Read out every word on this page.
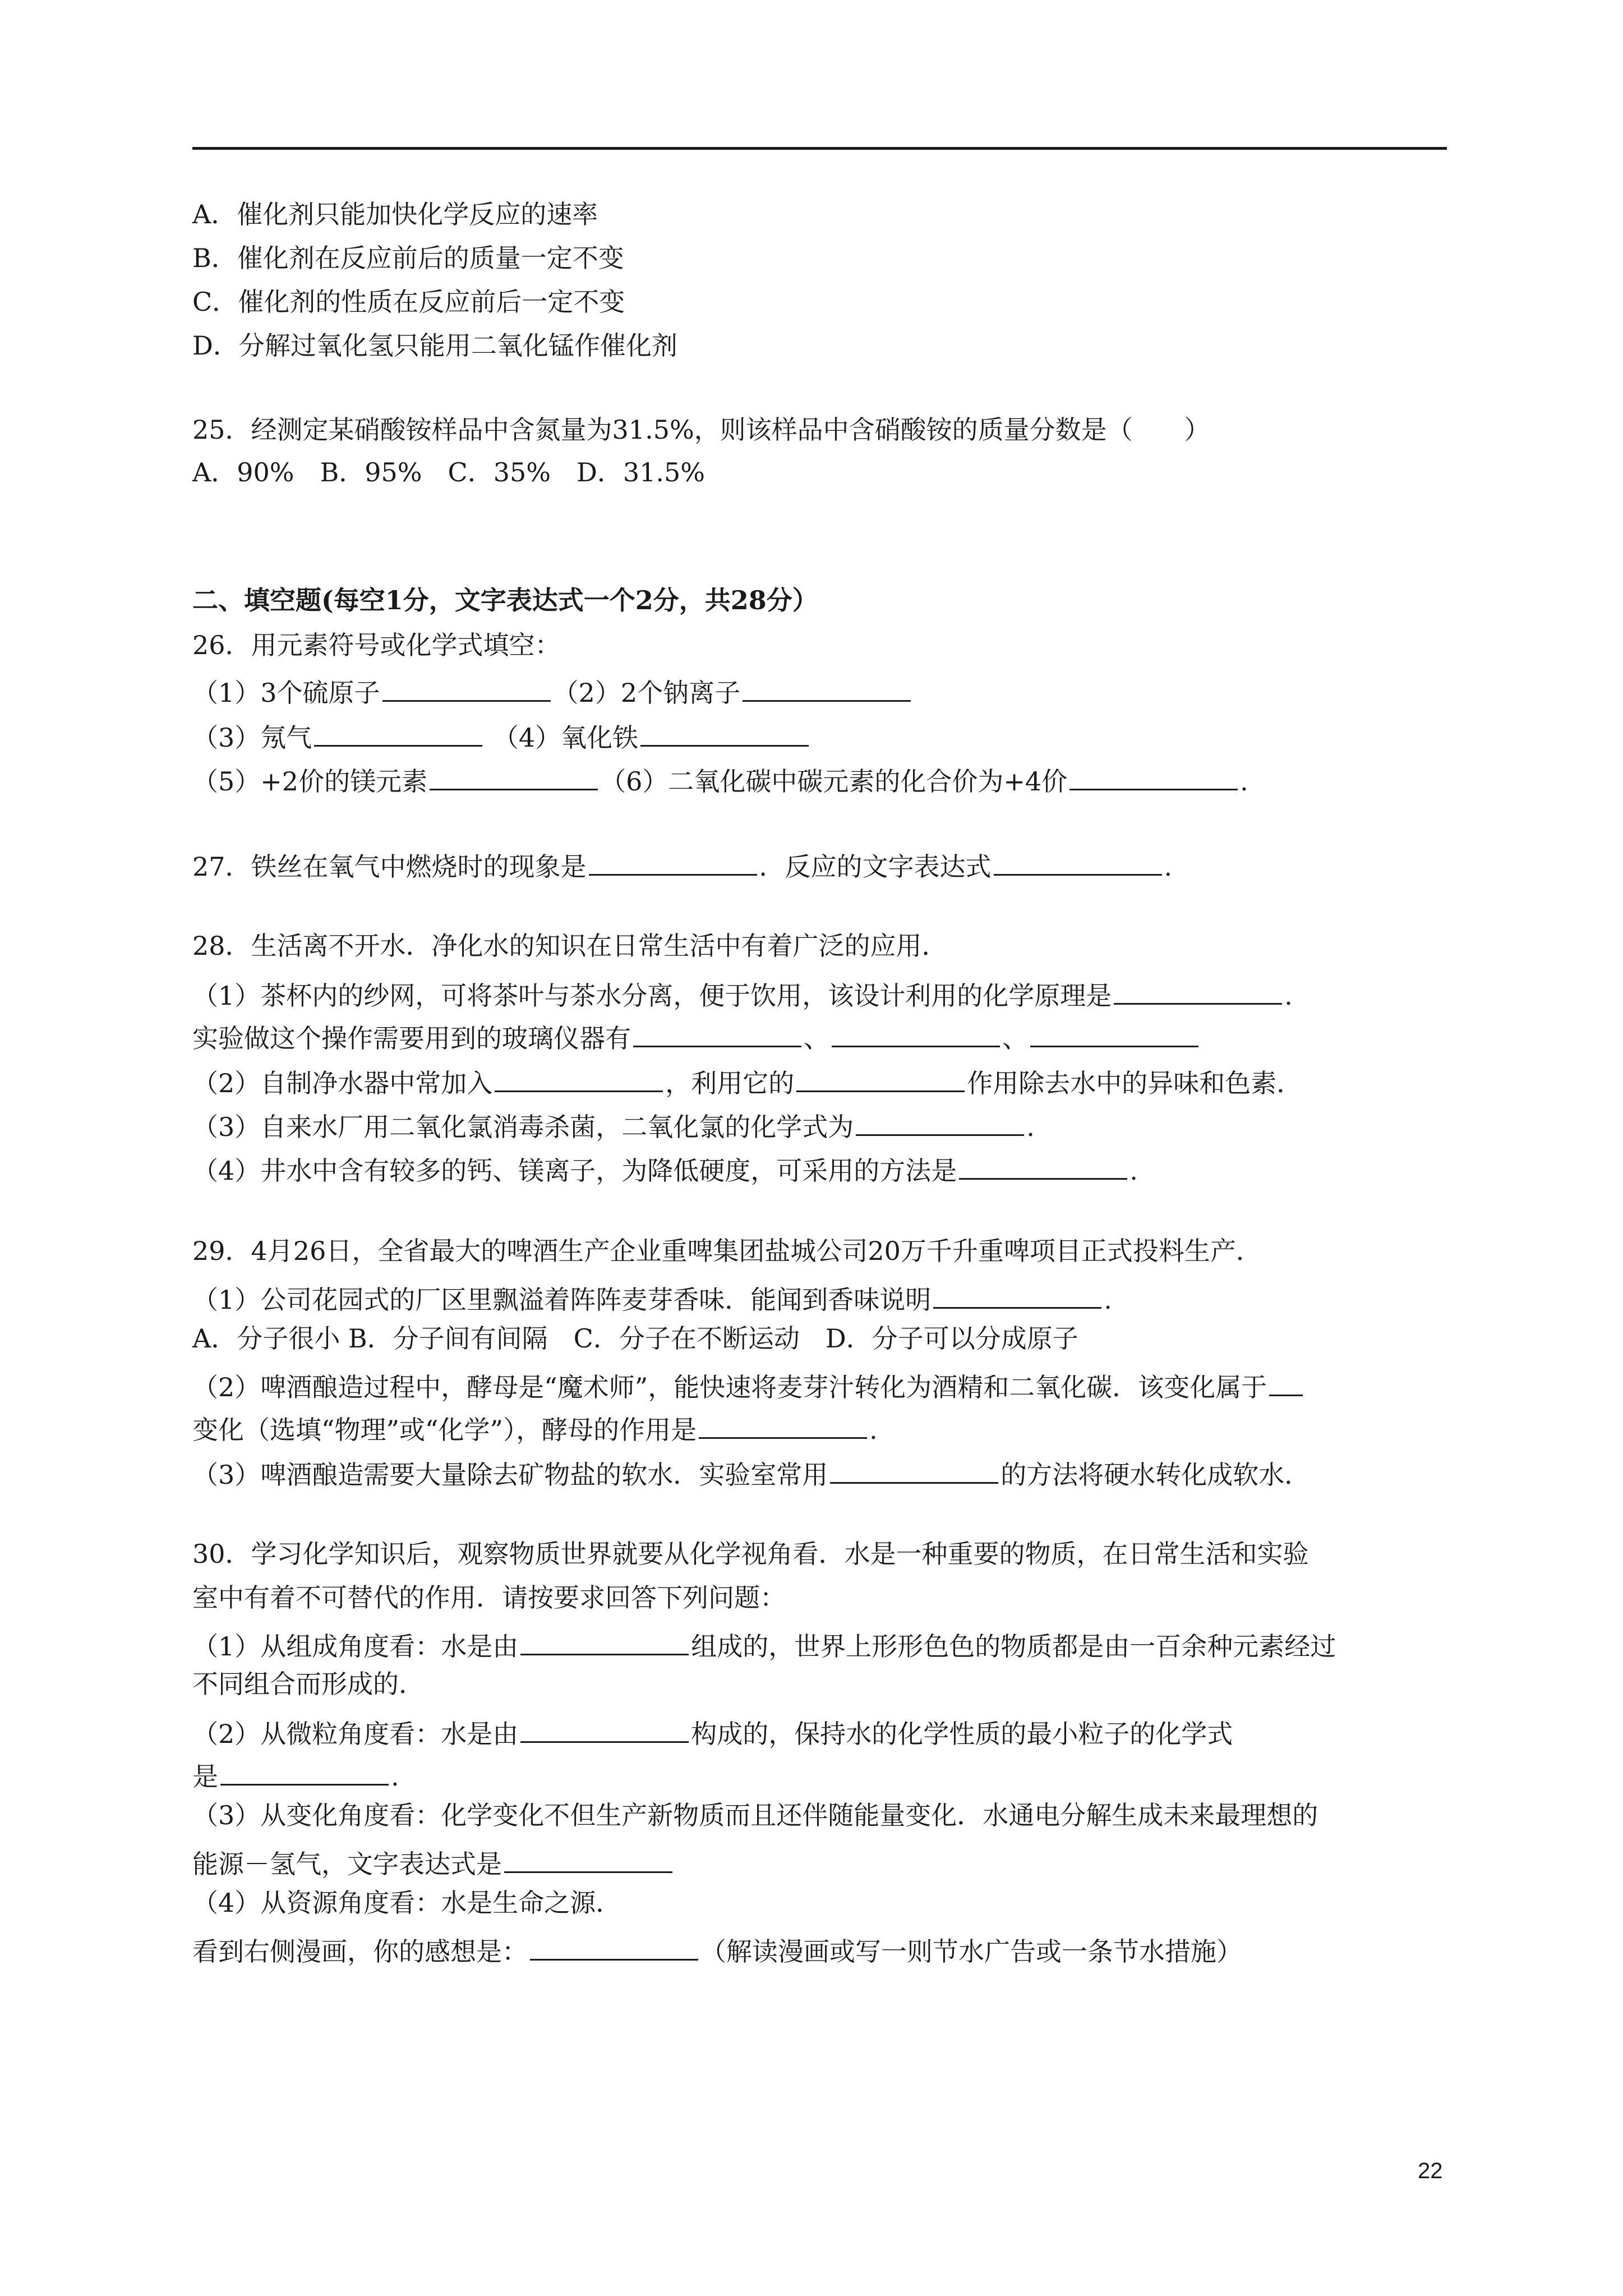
A．催化剂只能加快化学反应的速率
B．催化剂在反应前后的质量一定不变
C．催化剂的性质在反应前后一定不变
D．分解过氧化氢只能用二氧化锰作催化剂
25．经测定某硝酸铵样品中含氮量为31.5%，则该样品中含硝酸铵的质量分数是（　　）
A．90%　B．95%　C．35%　D．31.5%
二、填空题(每空1分，文字表达式一个2分，共28分）
26．用元素符号或化学式填空：
（1）3个硫原子	（2）2个钠离子
（3）氖气	（4）氧化铁
（5）+2价的镁元素	（6）二氧化碳中碳元素的化合价为+4价	.
27．铁丝在氧气中燃烧时的现象是	．反应的文字表达式	.
28．生活离不开水．净化水的知识在日常生活中有着广泛的应用．
（1）茶杯内的纱网，可将茶叶与茶水分离，便于饮用，该设计利用的化学原理是	.
实验做这个操作需要用到的玻璃仪器有	、	、
（2）自制净水器中常加入	，利用它的	作用除去水中的异味和色素．
（3）自来水厂用二氧化氯消毒杀菌，二氧化氯的化学式为	.
（4）井水中含有较多的钙、镁离子，为降低硬度，可采用的方法是	.
29．4月26日，全省最大的啤酒生产企业重啤集团盐城公司20万千升重啤项目正式投料生产．
（1）公司花园式的厂区里飘溢着阵阵麦芽香味．能闻到香味说明	.
A．分子很小 B．分子间有间隔　C．分子在不断运动　D．分子可以分成原子
（2）啤酒酿造过程中，酵母是“魔术师”，能快速将麦芽汁转化为酒精和二氧化碳．该变化属于
变化（选填“物理”或“化学”），酵母的作用是	.
（3）啤酒酿造需要大量除去矿物盐的软水．实验室常用	的方法将硬水转化成软水．
30．学习化学知识后，观察物质世界就要从化学视角看．水是一种重要的物质，在日常生活和实验
室中有着不可替代的作用．请按要求回答下列问题：
（1）从组成角度看：水是由	组成的，世界上形形色色的物质都是由一百余种元素经过
不同组合而形成的．
（2）从微粒角度看：水是由	构成的，保持水的化学性质的最小粒子的化学式
是	.
（3）从变化角度看：化学变化不但生产新物质而且还伴随能量变化．水通电分解生成未来最理想的
能源－氢气，文字表达式是
（4）从资源角度看：水是生命之源．
看到右侧漫画，你的感想是：	（解读漫画或写一则节水广告或一条节水措施）
22
